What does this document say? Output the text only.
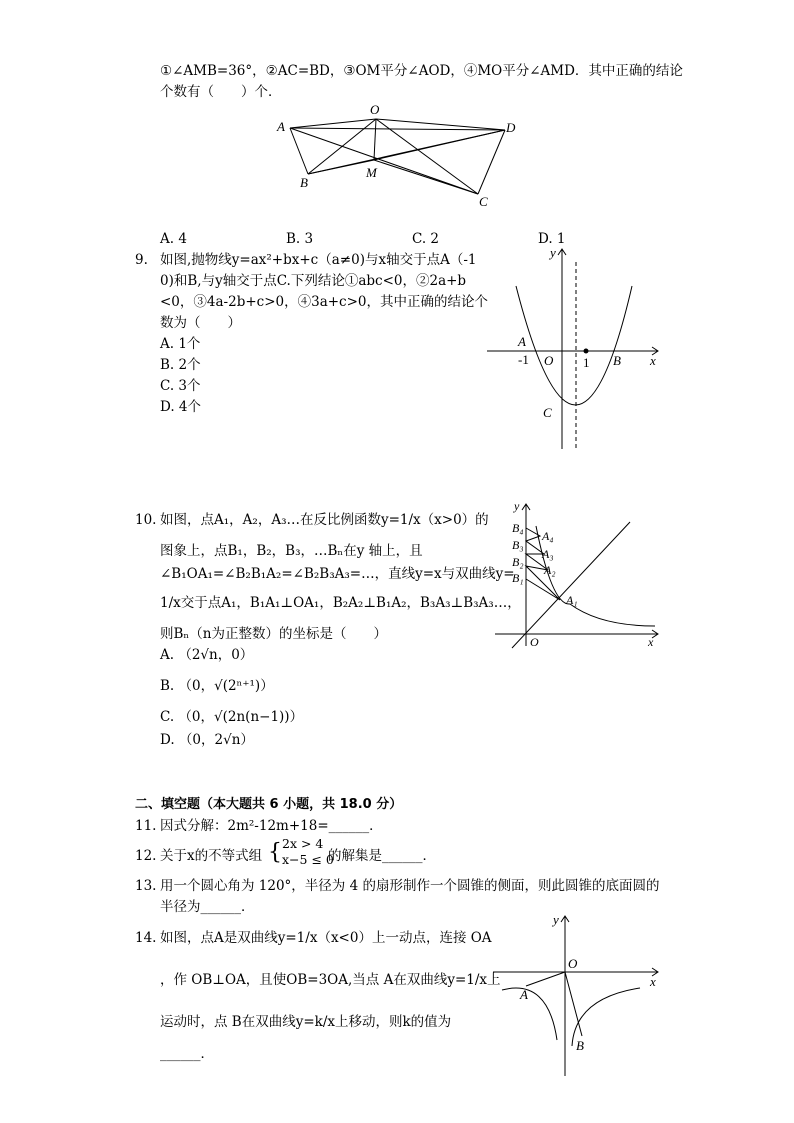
①∠AMB=36°，②AC=BD，③OM平分∠AOD，④MO平分∠AMD．其中正确的结论
个数有（　　）个．
A
O
D
B
M
C
A. 4	B. 3	C. 2	D. 1
9. 如图,抛物线y=ax²+bx+c（a≠0)与x轴交于点A（-1
0)和B,与y轴交于点C.下列结论①abc<0，②2a+b
<0，③4a-2b+c>0，④3a+c>0，其中正确的结论个
数为（　　）
A. 1个
B. 2个
C. 3个
D. 4个
y
x
A
-1 O 1 B
C
10. 如图，点A₁，A₂，A₃…在反比例函数y=1/x（x>0）的
图象上，点B₁，B₂，B₃，…Bₙ在y 轴上，且
∠B₁OA₁=∠B₂B₁A₂=∠B₂B₃A₃=…，直线y=x与双曲线y=
1/x交于点A₁，B₁A₁⊥OA₁，B₂A₂⊥B₁A₂，B₃A₃⊥B₃A₃…，
则Bₙ（n为正整数）的坐标是（　　）
A. （2√n，0）
B. （0，√(2ⁿ⁺¹)）
C. （0，√(2n(n−1))）
D. （0，2√n）
y
x
O
B₄
B₃
B₂
B₁
A₄
A₃
A₂
A₁
二、填空题（本大题共 6 小题，共 18.0 分）
11. 因式分解：2m²-12m+18=______．
12. 关于x的不等式组 { 2x > 4
x−5 ≤ 0
的解集是______．
13. 用一个圆心角为 120°，半径为 4 的扇形制作一个圆锥的侧面，则此圆锥的底面圆的
半径为______．
14. 如图，点A是双曲线y=1/x（x<0）上一动点，连接 OA
，作 OB⊥OA，且使OB=3OA,当点 A在双曲线y=1/x上
运动时，点 B在双曲线y=k/x上移动，则k的值为
______．
y
x
O
A
B
